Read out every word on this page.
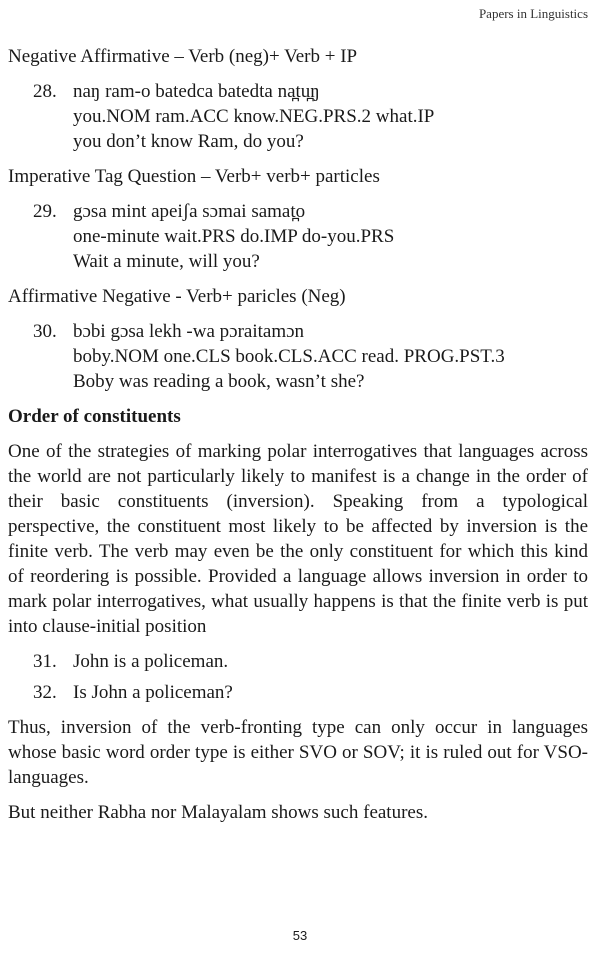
Papers in Linguistics

Negative Affirmative – Verb (neg)+ Verb + IP

28. naŋ ram-o batedca batedta na̪tu̪ŋ
you.NOM ram.ACC know.NEG.PRS.2 what.IP
you don’t know Ram, do you?

Imperative Tag Question – Verb+ verb+ particles

29. gɔsa mint apeiʃa sɔmai samat̪o
one-minute wait.PRS do.IMP do-you.PRS
Wait a minute, will you?

Affirmative Negative - Verb+ paricles (Neg)

30. bɔbi gɔsa lekh -wa pɔraitamɔn
boby.NOM one.CLS book.CLS.ACC read. PROG.PST.3
Boby was reading a book, wasn’t she?

Order of constituents

One of the strategies of marking polar interrogatives that languages across the world are not particularly likely to manifest is a change in the order of their basic constituents (inversion). Speaking from a typological perspective, the constituent most likely to be affected by inversion is the finite verb. The verb may even be the only constituent for which this kind of reordering is possible. Provided a language allows inversion in order to mark polar interrogatives, what usually happens is that the finite verb is put into clause-initial position

31. John is a policeman.
32. Is John a policeman?

Thus, inversion of the verb-fronting type can only occur in languages whose basic word order type is either SVO or SOV; it is ruled out for VSO-languages.

But neither Rabha nor Malayalam shows such features.

53
